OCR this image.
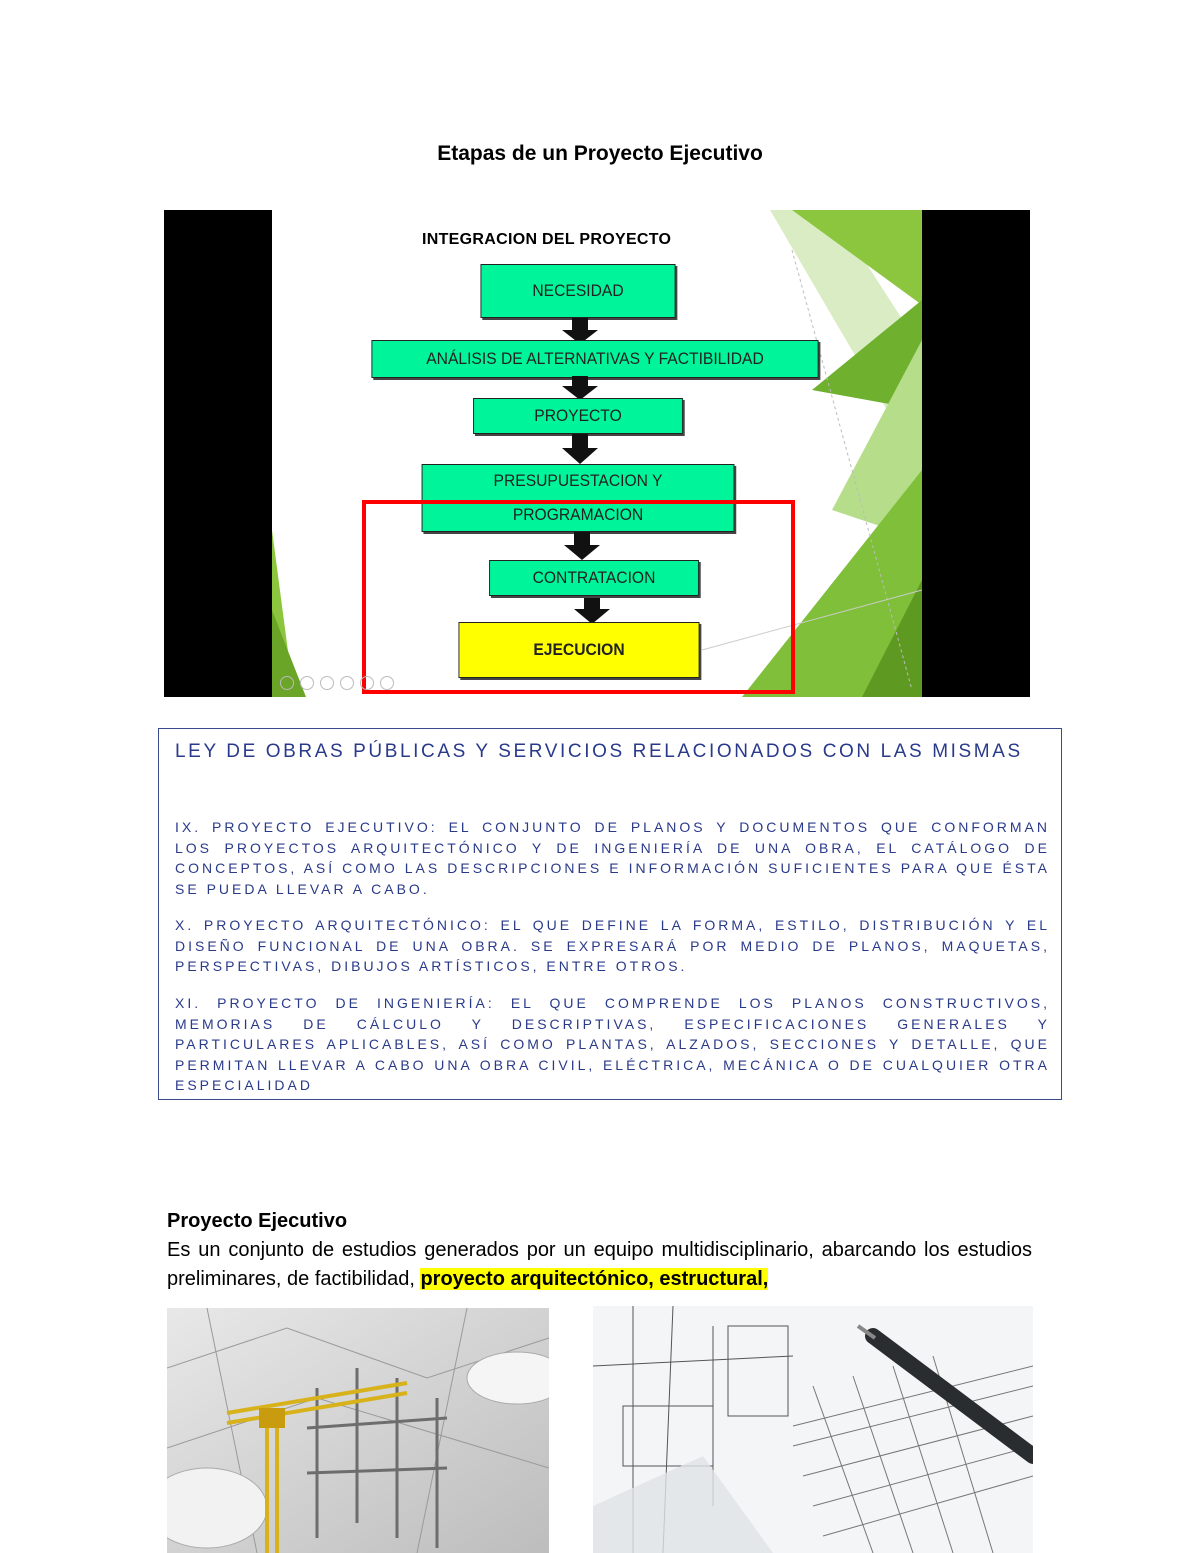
Etapas de un Proyecto Ejecutivo
INTEGRACION DEL PROYECTO
NECESIDAD
ANÁLISIS DE ALTERNATIVAS Y FACTIBILIDAD
PROYECTO
PRESUPUESTACION Y
PROGRAMACION
CONTRATACION
EJECUCION
LEY DE OBRAS PÚBLICAS Y SERVICIOS RELACIONADOS CON LAS MISMAS
IX. PROYECTO EJECUTIVO: EL CONJUNTO DE PLANOS Y DOCUMENTOS QUE CONFORMAN LOS PROYECTOS ARQUITECTÓNICO Y DE INGENIERÍA DE UNA OBRA, EL CATÁLOGO DE CONCEPTOS, ASÍ COMO LAS DESCRIPCIONES E INFORMACIÓN SUFICIENTES PARA QUE ÉSTA SE PUEDA LLEVAR A CABO.
X. PROYECTO ARQUITECTÓNICO: EL QUE DEFINE LA FORMA, ESTILO, DISTRIBUCIÓN Y EL DISEÑO FUNCIONAL DE UNA OBRA. SE EXPRESARÁ POR MEDIO DE PLANOS, MAQUETAS, PERSPECTIVAS, DIBUJOS ARTÍSTICOS, ENTRE OTROS.
XI. PROYECTO DE INGENIERÍA: EL QUE COMPRENDE LOS PLANOS CONSTRUCTIVOS, MEMORIAS DE CÁLCULO Y DESCRIPTIVAS, ESPECIFICACIONES GENERALES Y PARTICULARES APLICABLES, ASÍ COMO PLANTAS, ALZADOS, SECCIONES Y DETALLE, QUE PERMITAN LLEVAR A CABO UNA OBRA CIVIL, ELÉCTRICA, MECÁNICA O DE CUALQUIER OTRA ESPECIALIDAD
Proyecto Ejecutivo
Es un conjunto de estudios generados por un equipo multidisciplinario, abarcando los estudios preliminares, de factibilidad, proyecto arquitectónico, estructural,
